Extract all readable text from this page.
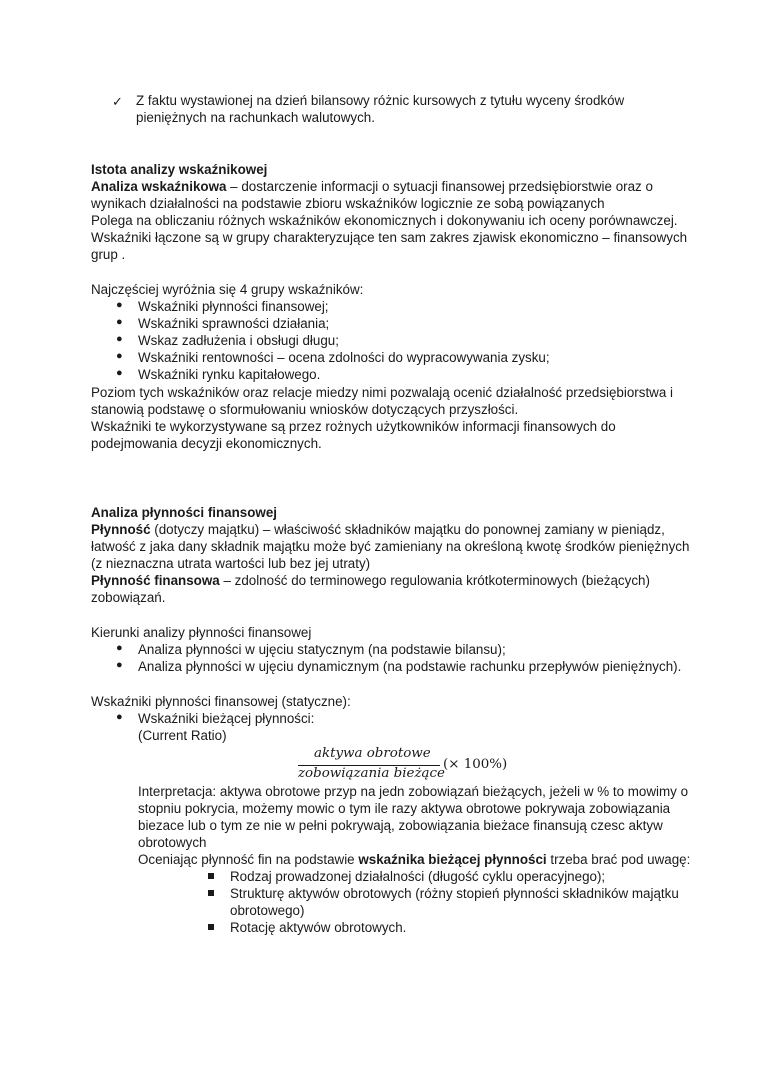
✓ Z faktu wystawionej na dzień bilansowy różnic kursowych z tytułu wyceny środków
pieniężnych na rachunkach walutowych.
Istota analizy wskaźnikowej
Analiza wskaźnikowa – dostarczenie informacji o sytuacji finansowej przedsiębiorstwie oraz o
wynikach działalności na podstawie zbioru wskaźników logicznie ze sobą powiązanych
Polega na obliczaniu różnych wskaźników ekonomicznych i dokonywaniu ich oceny porównawczej.
Wskaźniki łączone są w grupy charakteryzujące ten sam zakres zjawisk ekonomiczno – finansowych
grup .
Najczęściej wyróżnia się 4 grupy wskaźników:
● Wskaźniki płynności finansowej;
● Wskaźniki sprawności działania;
● Wskaz zadłużenia i obsługi długu;
● Wskaźniki rentowności – ocena zdolności do wypracowywania zysku;
● Wskaźniki rynku kapitałowego.
Poziom tych wskaźników oraz relacje miedzy nimi pozwalają ocenić działalność przedsiębiorstwa i
stanowią podstawę o sformułowaniu wniosków dotyczących przyszłości.
Wskaźniki te wykorzystywane są przez rożnych użytkowników informacji finansowych do
podejmowania decyzji ekonomicznych.
Analiza płynności finansowej
Płynność (dotyczy majątku) – właściwość składników majątku do ponownej zamiany w pieniądz,
łatwość z jaka dany składnik majątku może być zamieniany na określoną kwotę środków pieniężnych
(z nieznaczna utrata wartości lub bez jej utraty)
Płynność finansowa – zdolność do terminowego regulowania krótkoterminowych (bieżących)
zobowiązań.
Kierunki analizy płynności finansowej
● Analiza płynności w ujęciu statycznym (na podstawie bilansu);
● Analiza płynności w ujęciu dynamicznym (na podstawie rachunku przepływów pieniężnych).
Wskaźniki płynności finansowej (statyczne):
● Wskaźniki bieżącej płynności:
(Current Ratio)
aktywa obrotowe
zobowiązania bieżące
(× 100%)
Interpretacja: aktywa obrotowe przyp na jedn zobowiązań bieżących, jeżeli w % to mowimy o
stopniu pokrycia, możemy mowic o tym ile razy aktywa obrotowe pokrywaja zobowiązania
biezace lub o tym ze nie w pełni pokrywają, zobowiązania bieżace finansują czesc aktyw
obrotowych
Oceniając płynność fin na podstawie wskaźnika bieżącej płynności trzeba brać pod uwagę:
Rodzaj prowadzonej działalności (długość cyklu operacyjnego);
Strukturę aktywów obrotowych (różny stopień płynności składników majątku
obrotowego)
Rotację aktywów obrotowych.
